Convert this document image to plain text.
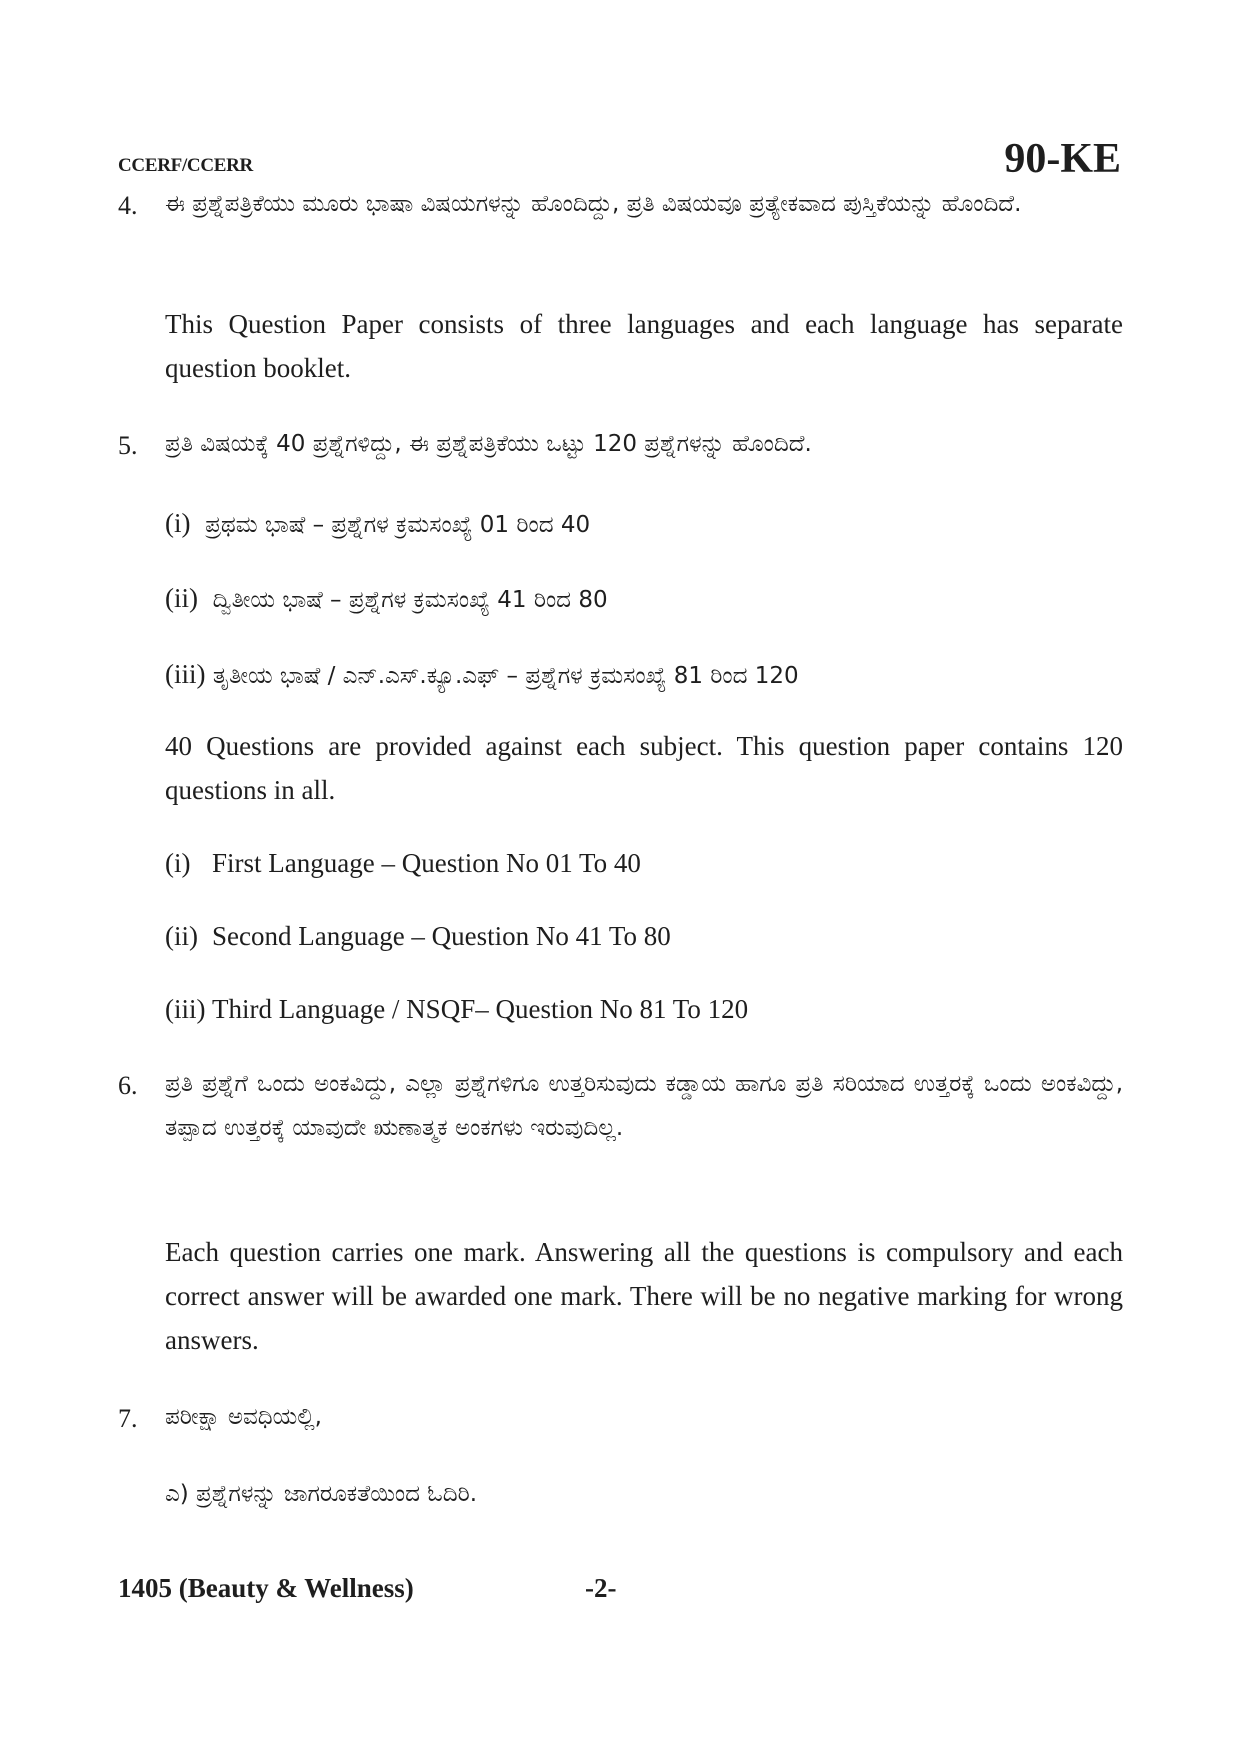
CCERF/CCERR	90-KE
4. ಈ ಪ್ರಶ್ನೆಪತ್ರಿಕೆಯು ಮೂರು ಭಾಷಾ ವಿಷಯಗಳನ್ನು ಹೊಂದಿದ್ದು, ಪ್ರತಿ ವಿಷಯವೂ ಪ್ರತ್ಯೇಕವಾದ ಪುಸ್ತಿಕೆಯನ್ನು ಹೊಂದಿದೆ.
This Question Paper consists of three languages and each language has separate question booklet.
5. ಪ್ರತಿ ವಿಷಯಕ್ಕೆ 40 ಪ್ರಶ್ನೆಗಳಿದ್ದು, ಈ ಪ್ರಶ್ನೆಪತ್ರಿಕೆಯು ಒಟ್ಟು 120 ಪ್ರಶ್ನೆಗಳನ್ನು ಹೊಂದಿದೆ.
(i) ಪ್ರಥಮ ಭಾಷೆ – ಪ್ರಶ್ನೆಗಳ ಕ್ರಮಸಂಖ್ಯೆ 01 ರಿಂದ 40
(ii) ದ್ವಿತೀಯ ಭಾಷೆ – ಪ್ರಶ್ನೆಗಳ ಕ್ರಮಸಂಖ್ಯೆ 41 ರಿಂದ 80
(iii) ತೃತೀಯ ಭಾಷೆ / ಎನ್.ಎಸ್.ಕ್ಯೂ.ಎಫ್ – ಪ್ರಶ್ನೆಗಳ ಕ್ರಮಸಂಖ್ಯೆ 81 ರಿಂದ 120
40 Questions are provided against each subject. This question paper contains 120 questions in all.
(i) First Language – Question No 01 To 40
(ii) Second Language – Question No 41 To 80
(iii) Third Language / NSQF– Question No 81 To 120
6. ಪ್ರತಿ ಪ್ರಶ್ನೆಗೆ ಒಂದು ಅಂಕವಿದ್ದು, ಎಲ್ಲಾ ಪ್ರಶ್ನೆಗಳಿಗೂ ಉತ್ತರಿಸುವುದು ಕಡ್ಡಾಯ ಹಾಗೂ ಪ್ರತಿ ಸರಿಯಾದ ಉತ್ತರಕ್ಕೆ ಒಂದು ಅಂಕವಿದ್ದು, ತಪ್ಪಾದ ಉತ್ತರಕ್ಕೆ ಯಾವುದೇ ಋಣಾತ್ಮಕ ಅಂಕಗಳು ಇರುವುದಿಲ್ಲ.
Each question carries one mark. Answering all the questions is compulsory and each correct answer will be awarded one mark. There will be no negative marking for wrong answers.
7. ಪರೀಕ್ಷಾ ಅವಧಿಯಲ್ಲಿ,
ಎ) ಪ್ರಶ್ನೆಗಳನ್ನು ಜಾಗರೂಕತೆಯಿಂದ ಓದಿರಿ.
1405 (Beauty & Wellness)	-2-
